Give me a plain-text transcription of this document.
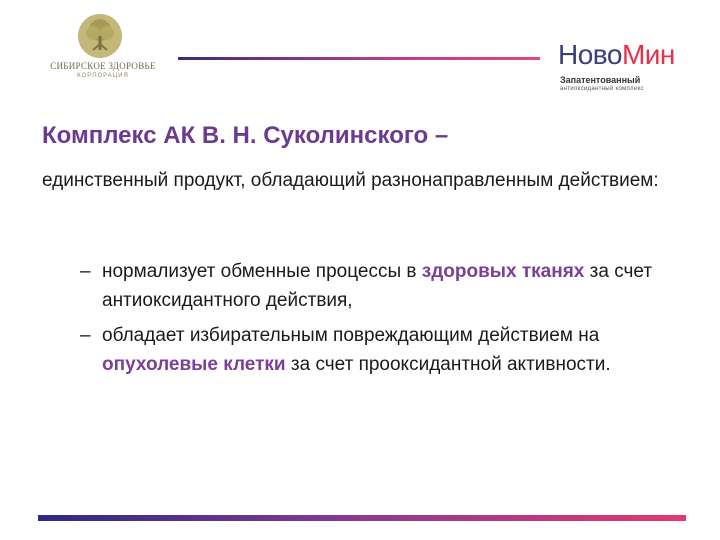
СИБИРСКОЕ ЗДОРОВЬЕ
КОРПОРАЦИЯ
НовоМин
Запатентованный
антиоксидантный комплекс
Комплекс АК В. Н. Суколинского –
единственный продукт, обладающий разнонаправленным действием:
– нормализует обменные процессы в здоровых тканях за счет антиоксидантного действия,
– обладает избирательным повреждающим действием на опухолевые клетки за счет прооксидантной активности.
